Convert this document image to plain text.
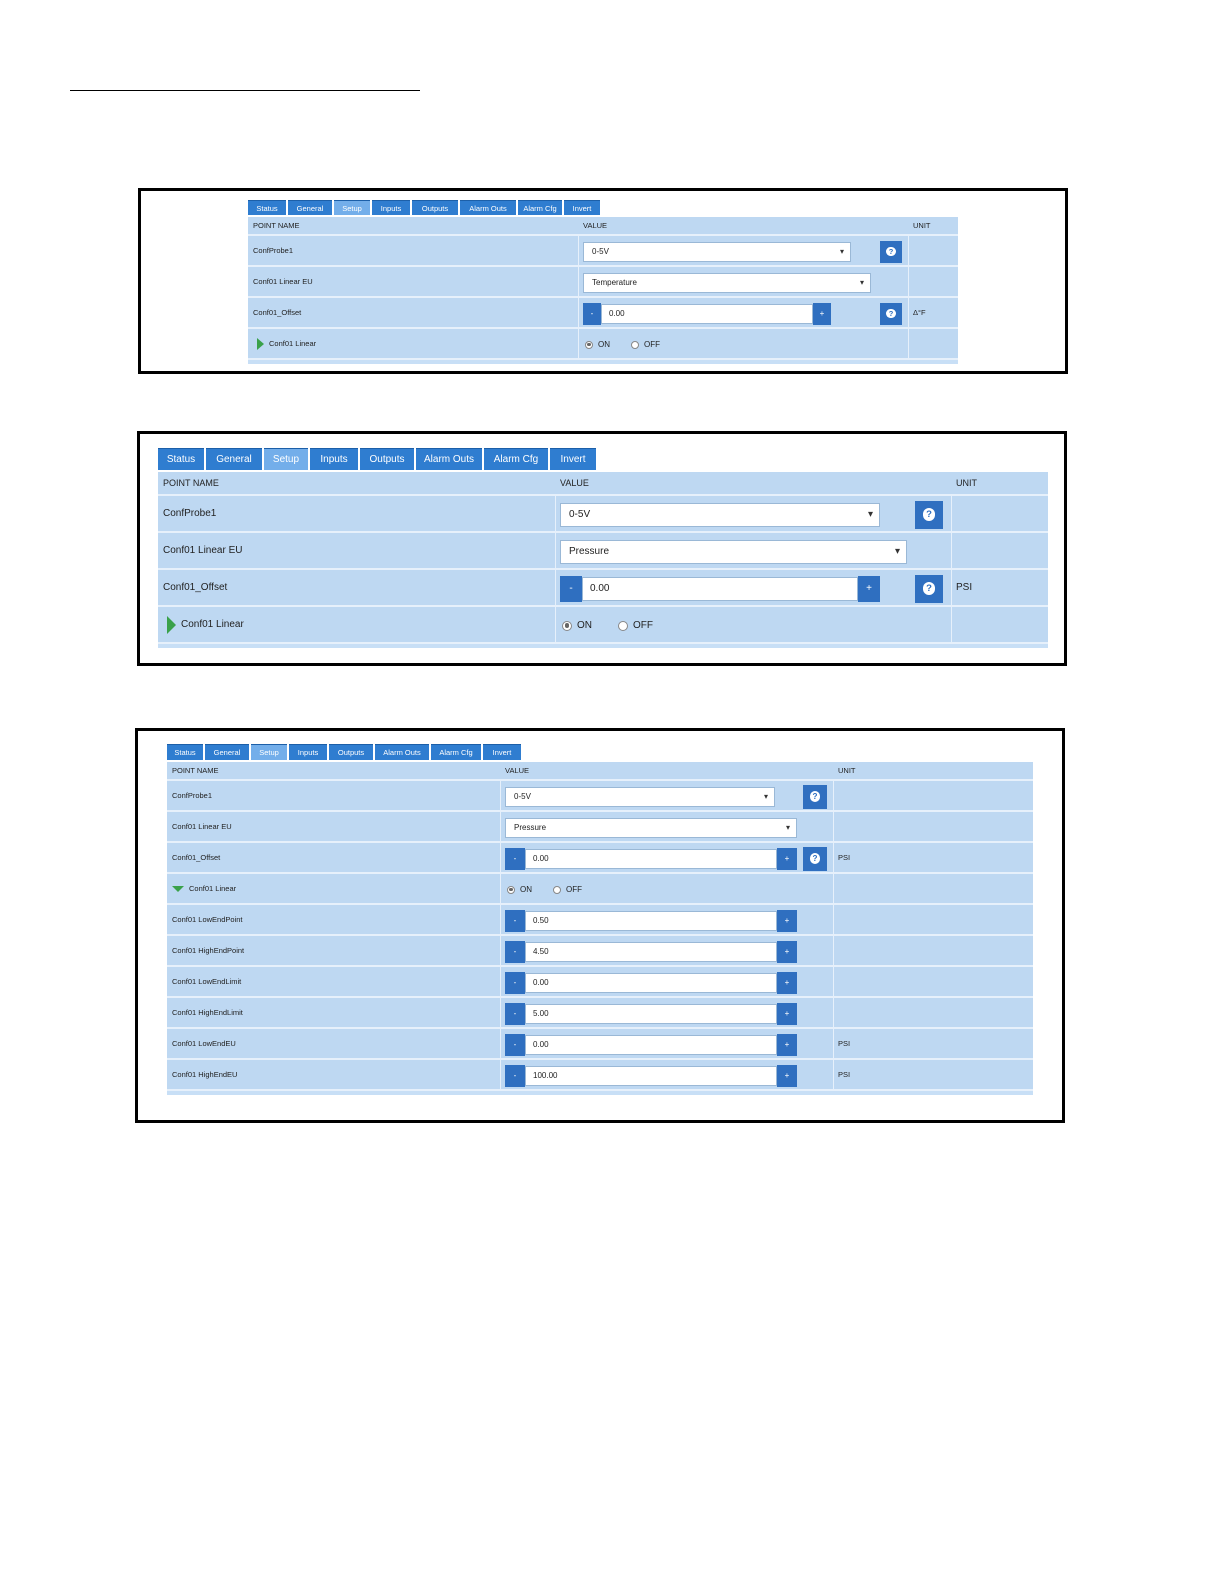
Status	General	Setup	Inputs	Outputs	Alarm Outs	Alarm Cfg	Invert
POINT NAME	VALUE	UNIT
ConfProbe1	0-5V	▾	?
Conf01 Linear EU	Temperature	▾
Conf01_Offset	-	0.00	+	?	Δ°F
Conf01 Linear	ON	OFF
Status	General	Setup	Inputs	Outputs	Alarm Outs	Alarm Cfg	Invert
POINT NAME	VALUE	UNIT
ConfProbe1	0-5V	▾	?
Conf01 Linear EU	Pressure	▾
Conf01_Offset	-	0.00	+	?	PSI
Conf01 Linear	ON	OFF
Status	General	Setup	Inputs	Outputs	Alarm Outs	Alarm Cfg	Invert
POINT NAME	VALUE	UNIT
ConfProbe1	0-5V	▾	?
Conf01 Linear EU	Pressure	▾
Conf01_Offset	-	0.00	+	?	PSI
Conf01 Linear	ON	OFF
Conf01 LowEndPoint	-	0.50	+
Conf01 HighEndPoint	-	4.50	+
Conf01 LowEndLimit	-	0.00	+
Conf01 HighEndLimit	-	5.00	+
Conf01 LowEndEU	-	0.00	+	PSI
Conf01 HighEndEU	-	100.00	+	PSI
